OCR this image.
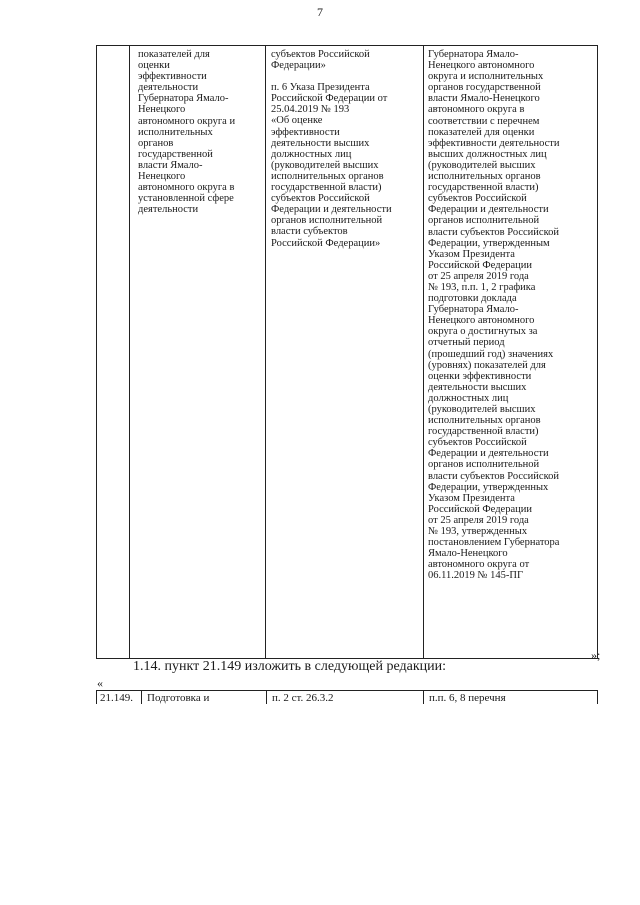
7
показателей для
оценки
эффективности
деятельности
Губернатора Ямало-
Ненецкого
автономного округа и
исполнительных
органов
государственной
власти Ямало-
Ненецкого
автономного округа в
установленной сфере
деятельности
субъектов Российской
Федерации»
п. 6 Указа Президента
Российской Федерации от
25.04.2019 № 193
«Об оценке
эффективности
деятельности высших
должностных лиц
(руководителей высших
исполнительных органов
государственной власти)
субъектов Российской
Федерации и деятельности
органов исполнительной
власти субъектов
Российской Федерации»
Губернатора Ямало-
Ненецкого автономного
округа и исполнительных
органов государственной
власти Ямало-Ненецкого
автономного округа в
соответствии с перечнем
показателей для оценки
эффективности деятельности
высших должностных лиц
(руководителей высших
исполнительных органов
государственной власти)
субъектов Российской
Федерации и деятельности
органов исполнительной
власти субъектов Российской
Федерации, утвержденным
Указом Президента
Российской Федерации
от 25 апреля 2019 года
№ 193, п.п. 1, 2 графика
подготовки доклада
Губернатора Ямало-
Ненецкого автономного
округа о достигнутых за
отчетный период
(прошедший год) значениях
(уровнях) показателей для
оценки эффективности
деятельности высших
должностных лиц
(руководителей высших
исполнительных органов
государственной власти)
субъектов Российской
Федерации и деятельности
органов исполнительной
власти субъектов Российской
Федерации, утвержденных
Указом Президента
Российской Федерации
от 25 апреля 2019 года
№ 193, утвержденных
постановлением Губернатора
Ямало-Ненецкого
автономного округа от
06.11.2019 № 145-ПГ
»;
1.14. пункт 21.149 изложить в следующей редакции:
«
21.149. Подготовка и	п. 2 ст. 26.3.2	п.п. 6, 8 перечня
